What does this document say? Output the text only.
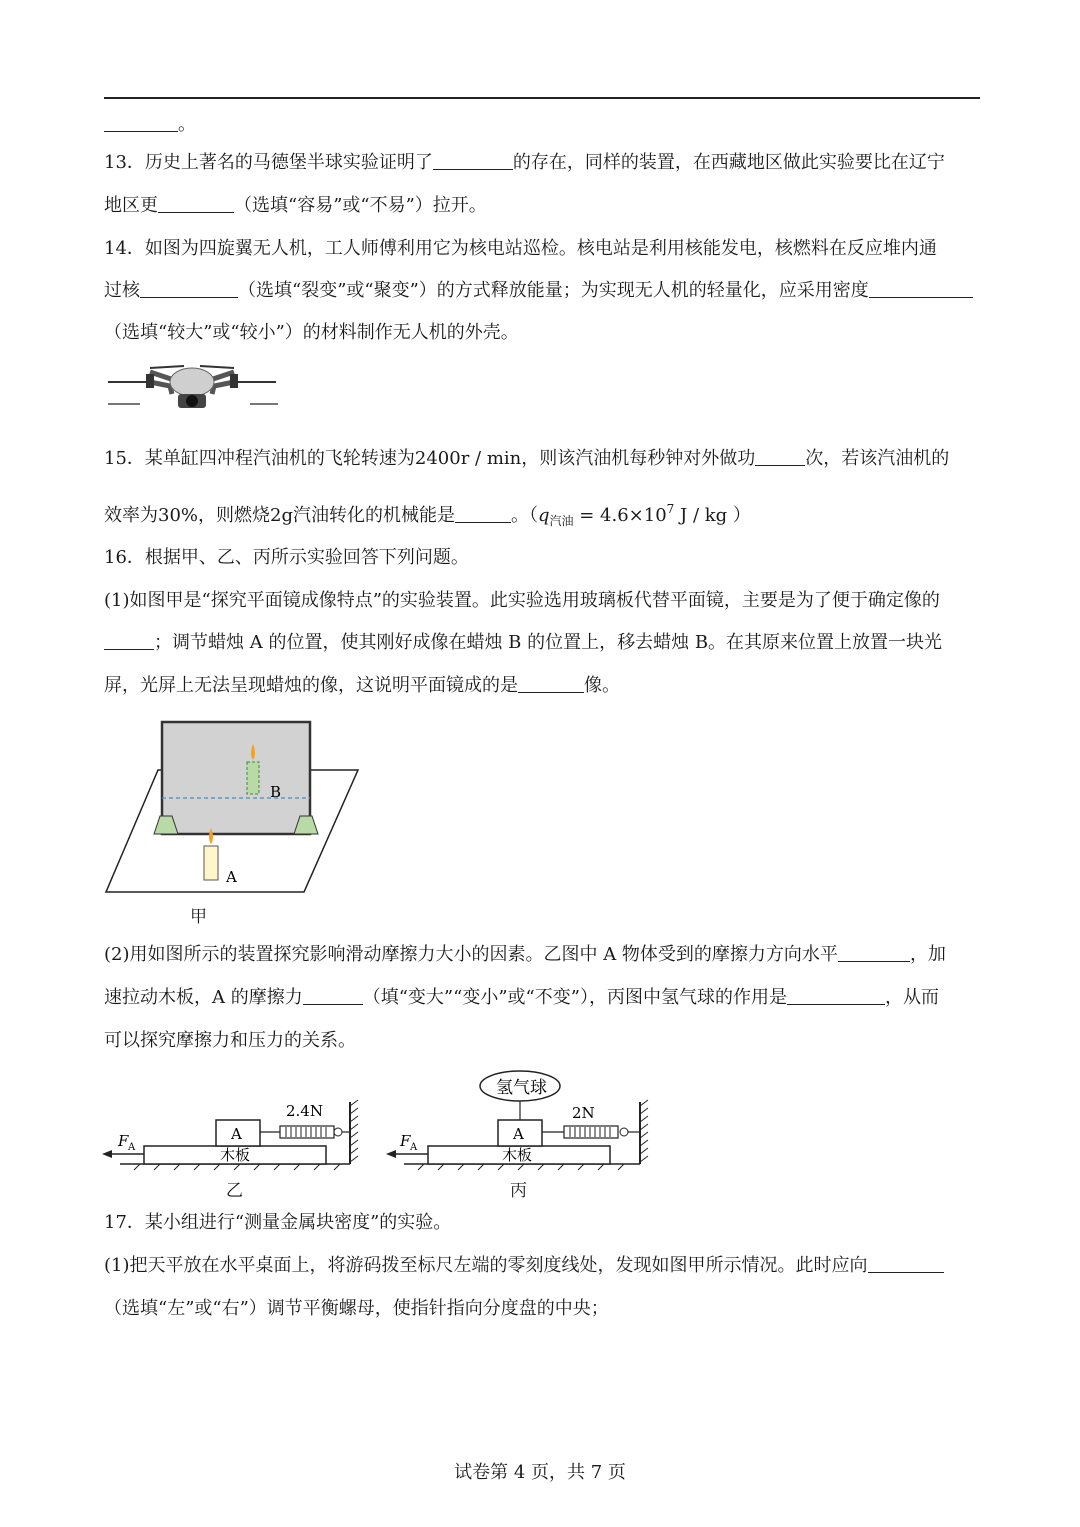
。
13．历史上著名的马德堡半球实验证明了	的存在，同样的装置，在西藏地区做此实验要比在辽宁
地区更	（选填“容易”或“不易”）拉开。
14．如图为四旋翼无人机，工人师傅利用它为核电站巡检。核电站是利用核能发电，核燃料在反应堆内通
过核	（选填“裂变”或“聚变”）的方式释放能量；为实现无人机的轻量化，应采用密度
（选填“较大”或“较小”）的材料制作无人机的外壳。
15．某单缸四冲程汽油机的飞轮转速为2400r / min，则该汽油机每秒钟对外做功	次，若该汽油机的
效率为30%，则燃烧2g汽油转化的机械能是	。（$q_{汽油} = 4.6\times 10^7$ J / kg ）
16．根据甲、乙、丙所示实验回答下列问题。
(1)如图甲是“探究平面镜成像特点”的实验装置。此实验选用玻璃板代替平面镜，主要是为了便于确定像的
；调节蜡烛 A 的位置，使其刚好成像在蜡烛 B 的位置上，移去蜡烛 B。在其原来位置上放置一块光
屏，光屏上无法呈现蜡烛的像，这说明平面镜成的是	像。
B
A
甲
(2)用如图所示的装置探究影响滑动摩擦力大小的因素。乙图中 A 物体受到的摩擦力方向水平	，加
速拉动木板，A 的摩擦力	（填“变大”“变小”或“不变”），丙图中氢气球的作用是	，从而
可以探究摩擦力和压力的关系。
木板
F A
A
2.4N
乙
木板
F A
A
氢气球
2N
丙
17．某小组进行“测量金属块密度”的实验。
(1)把天平放在水平桌面上，将游码拨至标尺左端的零刻度线处，发现如图甲所示情况。此时应向
（选填“左”或“右”）调节平衡螺母，使指针指向分度盘的中央；
试卷第 4 页，共 7 页
